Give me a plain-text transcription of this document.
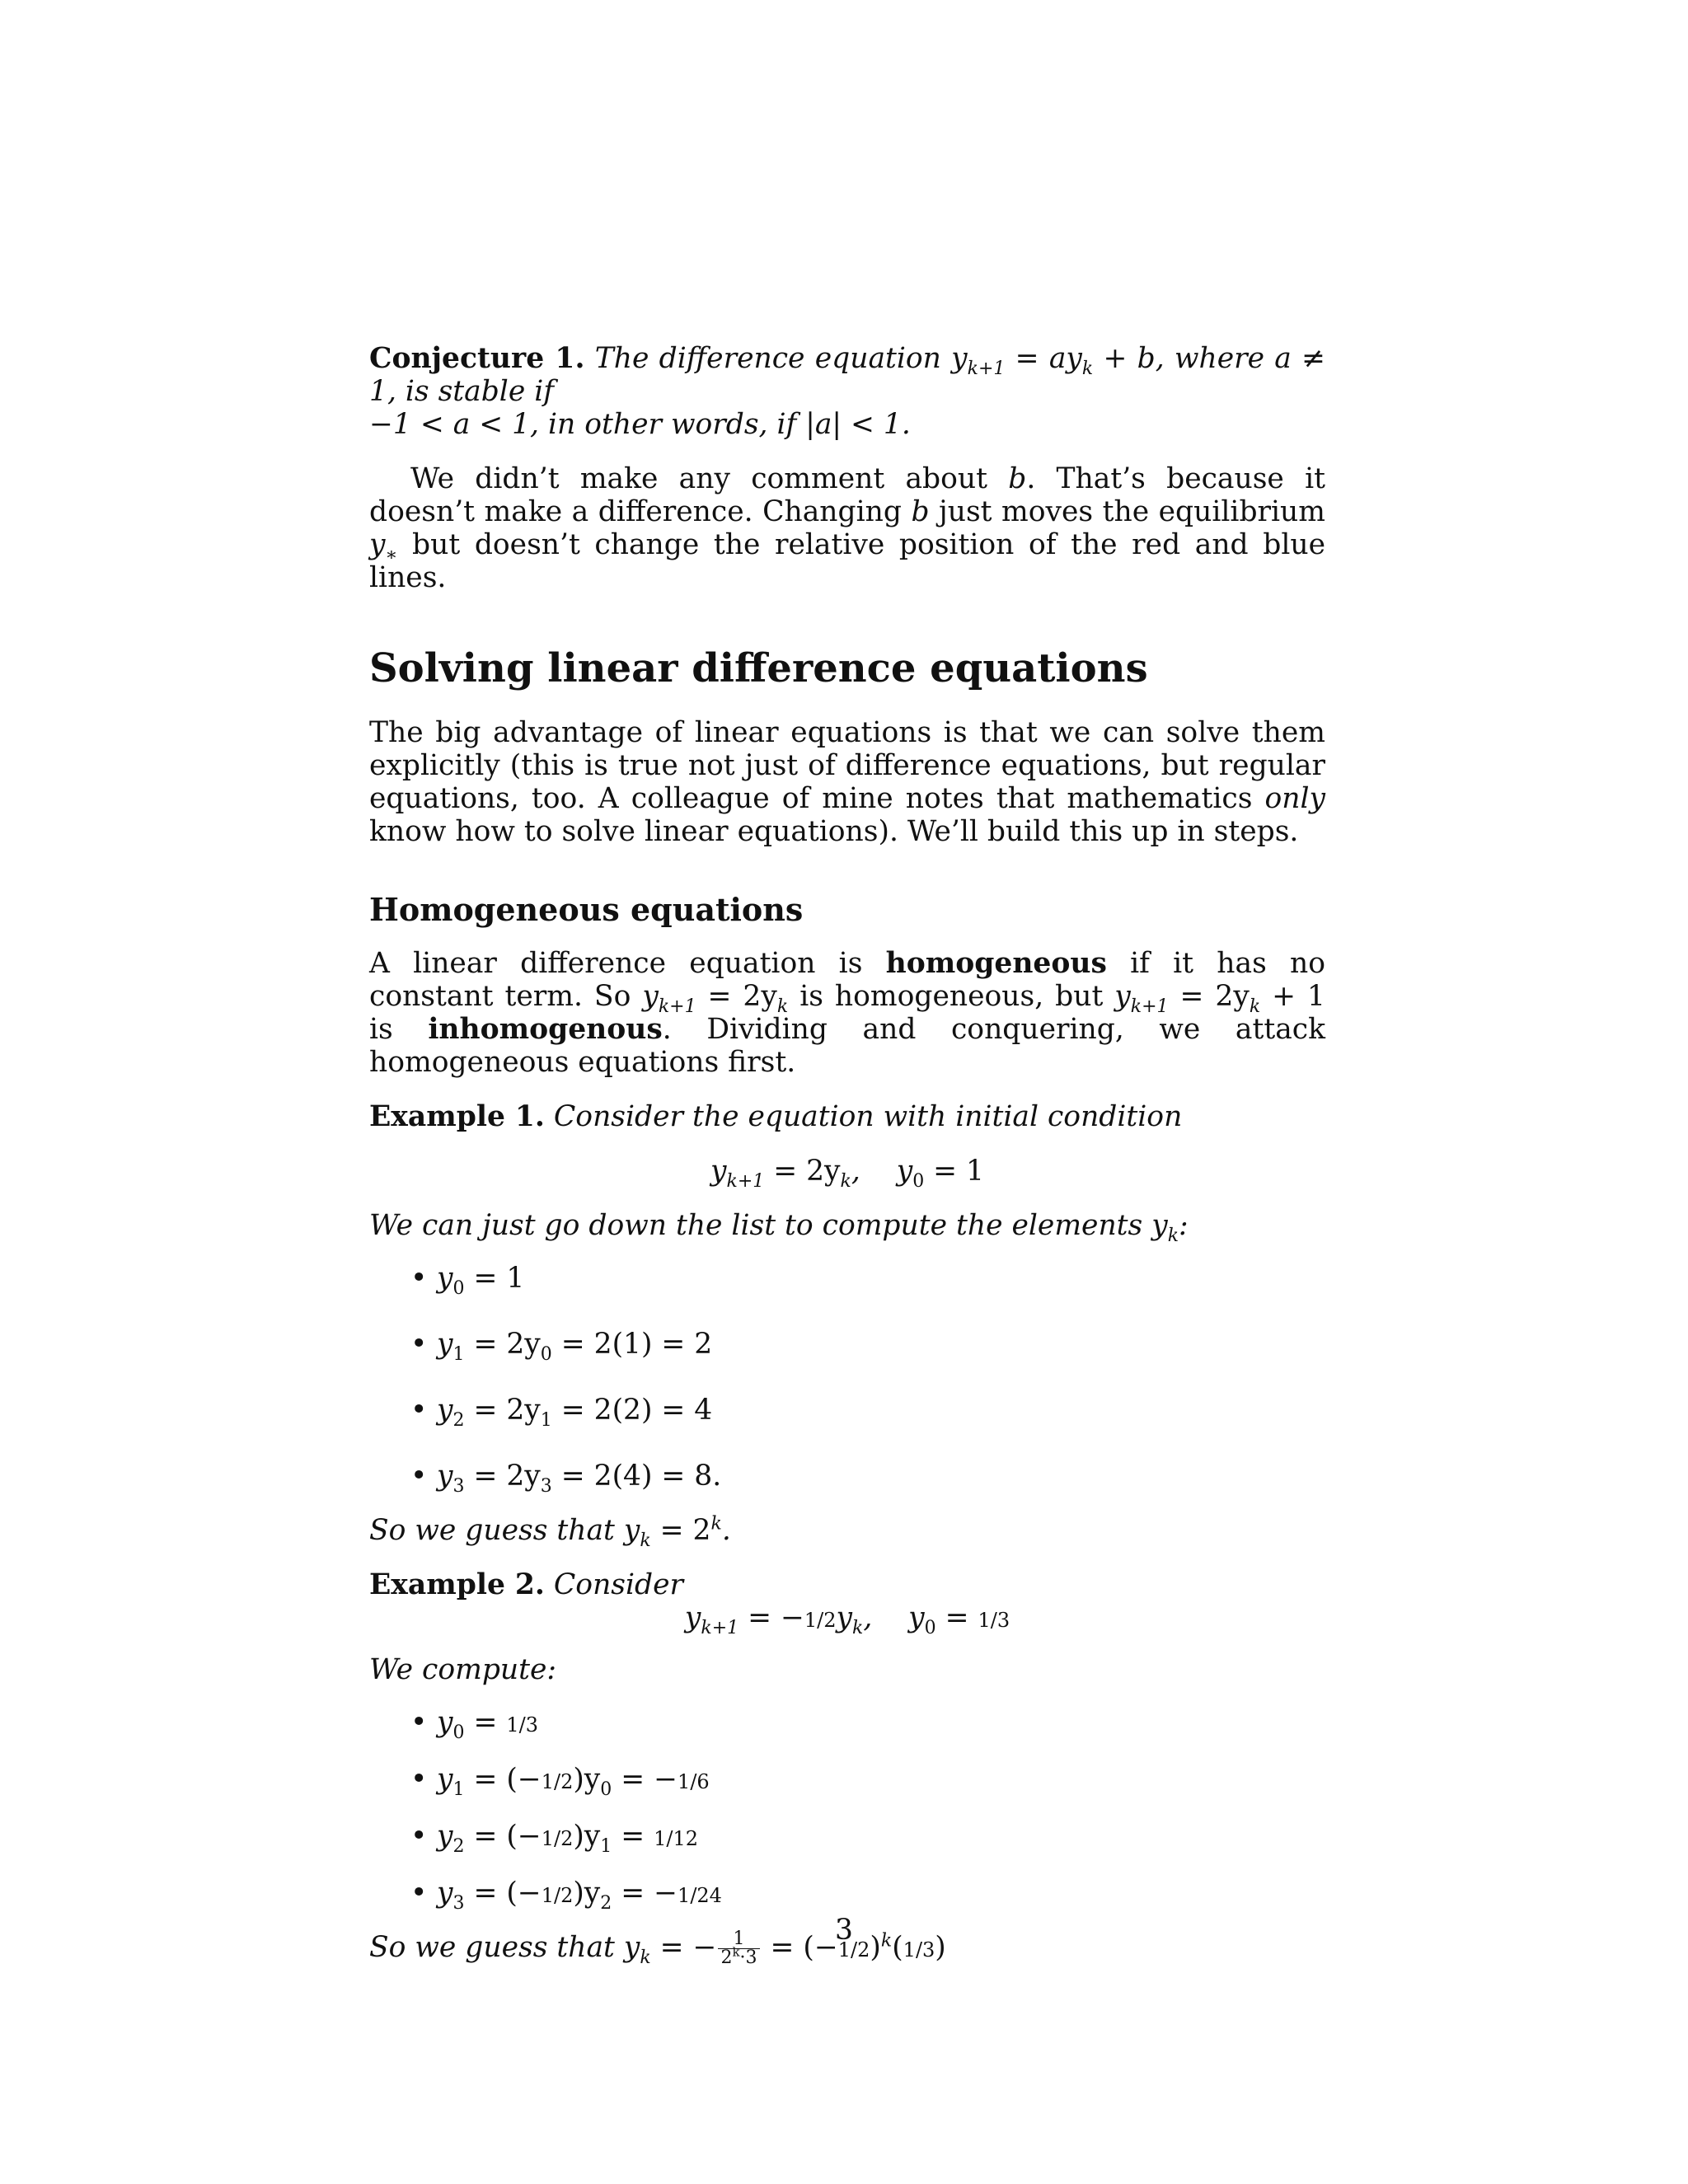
Conjecture 1. The difference equation $y_{k+1} = ay_k + b$, where a ≠ 1, is stable if
−1 < a < 1, in other words, if |a| < 1.

We didn’t make any comment about b. That’s because it doesn’t make a difference. Changing b just moves the equilibrium $y_∗$ but doesn’t change the relative position of the red and blue lines.

Solving linear difference equations

The big advantage of linear equations is that we can solve them explicitly (this is true not just of difference equations, but regular equations, too. A colleague of mine notes that mathematics only know how to solve linear equations). We’ll build this up in steps.

Homogeneous equations

A linear difference equation is homogeneous if it has no constant term. So $y_{k+1} = 2y_k$ is homogeneous, but $y_{k+1} = 2y_k + 1$ is inhomogenous. Dividing and conquering, we attack homogeneous equations first.

Example 1. Consider the equation with initial condition

$y_{k+1} = 2y_k$,    $y_0 = 1$

We can just go down the list to compute the elements $y_k$:

• $y_0 = 1$
• $y_1 = 2y_0 = 2(1) = 2$
• $y_2 = 2y_1 = 2(2) = 4$
• $y_3 = 2y_3 = 2(4) = 8$.

So we guess that $y_k = 2^k$.

Example 2. Consider

$y_{k+1} = -1/2y_k$,    $y_0 = 1/3$

We compute:

• $y_0 = 1/3$
• $y_1 = (-1/2)y_0 = -1/6$
• $y_2 = (-1/2)y_1 = 1/12$
• $y_3 = (-1/2)y_2 = -1/24$

So we guess that $y_k$ = − $\frac{1}{2^k\cdot 3} = (-1/2)^k(1/3)$

3
